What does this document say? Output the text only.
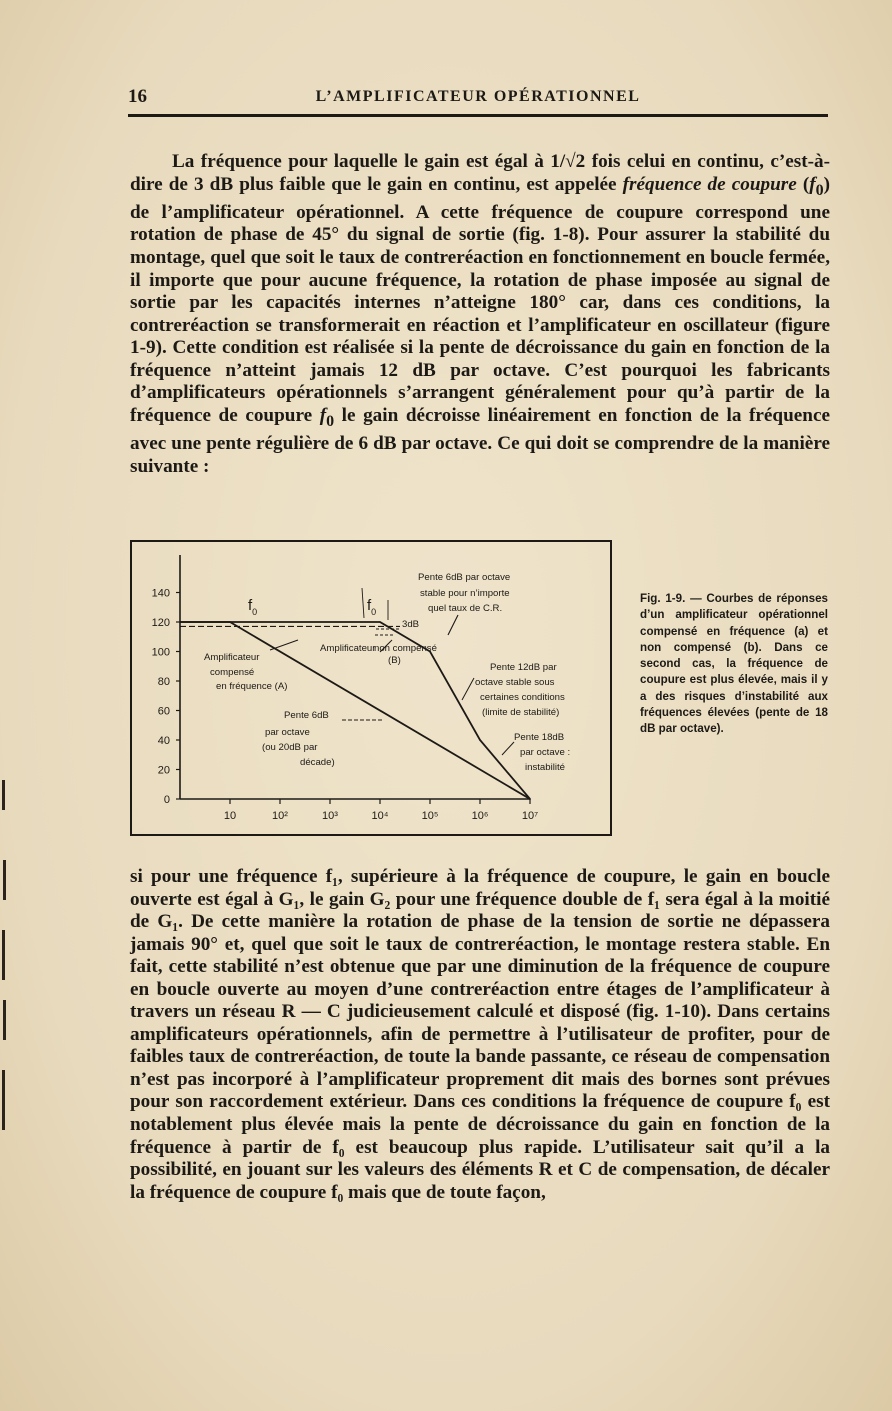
16	L’AMPLIFICATEUR OPÉRATIONNEL

La fréquence pour laquelle le gain est égal à 1/√2 fois celui en continu, c’est-à-dire de 3 dB plus faible que le gain en continu, est appelée fréquence de coupure $(f_0)$ de l’amplificateur opérationnel. A cette fréquence de coupure correspond une rotation de phase de 45° du signal de sortie (fig. 1-8). Pour assurer la stabilité du montage, quel que soit le taux de contreréaction en fonctionnement en boucle fermée, il importe que pour aucune fréquence, la rotation de phase imposée au signal de sortie par les capacités internes n’atteigne 180° car, dans ces conditions, la contreréaction se transformerait en réaction et l’amplificateur en oscillateur (figure 1-9). Cette condition est réalisée si la pente de décroissance du gain en fonction de la fréquence n’atteint jamais 12 dB par octave. C’est pourquoi les fabricants d’amplificateurs opérationnels s’arrangent généralement pour qu’à partir de la fréquence de coupure $f_0$ le gain décroisse linéairement en fonction de la fréquence avec une pente régulière de 6 dB par octave. Ce qui doit se comprendre de la manière suivante :

10	10²	10³	10⁴	10⁵	10⁶	10⁷
0
20
40
60
80
100
120
140
$f_0$	$f_0$
3dB
Pente 6dB par octave
stable pour n’importe
quel taux de C.R.
Amplificateur
compensé
en fréquence (A)
Amplificateur
non compensé
(B)
Pente 12dB par
octave stable sous
certaines conditions
(limite de stabilité)
Pente 6dB
par octave
(ou 20dB par
décade)
Pente 18dB
par octave :
instabilité
Fig. 1-9. — Courbes de réponses d’un amplificateur opérationnel compensé en fréquence (a) et non compensé (b). Dans ce second cas, la fréquence de coupure est plus élevée, mais il y a des risques d’instabilité aux fréquences élevées (pente de 18 dB par octave).

si pour une fréquence f₁, supérieure à la fréquence de coupure, le gain en boucle ouverte est égal à G₁, le gain G₂ pour une fréquence double de f₁ sera égal à la moitié de G₁. De cette manière la rotation de phase de la tension de sortie ne dépassera jamais 90° et, quel que soit le taux de contreréaction, le montage restera stable. En fait, cette stabilité n’est obtenue que par une diminution de la fréquence de coupure en boucle ouverte au moyen d’une contreréaction entre étages de l’amplificateur à travers un réseau R — C judicieusement calculé et disposé (fig. 1-10). Dans certains amplificateurs opérationnels, afin de permettre à l’utilisateur de profiter, pour de faibles taux de contreréaction, de toute la bande passante, ce réseau de compensation n’est pas incorporé à l’amplificateur proprement dit mais des bornes sont prévues pour son raccordement extérieur. Dans ces conditions la fréquence de coupure f₀ est notablement plus élevée mais la pente de décroissance du gain en fonction de la fréquence à partir de f₀ est beaucoup plus rapide. L’utilisateur sait qu’il a la possibilité, en jouant sur les valeurs des éléments R et C de compensation, de décaler la fréquence de coupure f₀ mais que de toute façon,
